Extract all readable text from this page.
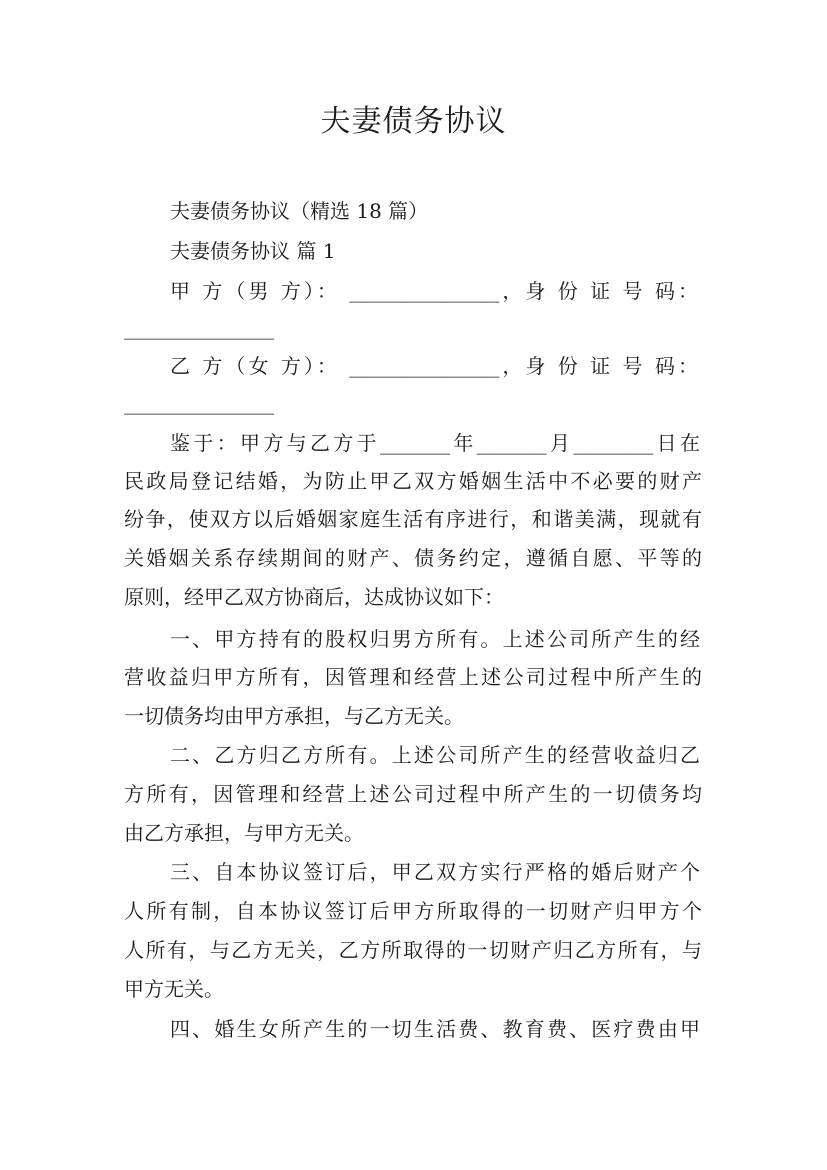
夫妻债务协议
夫妻债务协议（精选 18 篇）
夫妻债务协议 篇 1
甲 方（男 方）： _______________，身 份 证 号 码：
_______________
乙 方（女 方）： _______________，身 份 证 号 码：
_______________
鉴于：甲方与乙方于_______年_______月________日在
民政局登记结婚，为防止甲乙双方婚姻生活中不必要的财产
纷争，使双方以后婚姻家庭生活有序进行，和谐美满，现就有
关婚姻关系存续期间的财产、债务约定，遵循自愿、平等的
原则，经甲乙双方协商后，达成协议如下：
一、甲方持有的股权归男方所有。上述公司所产生的经
营收益归甲方所有，因管理和经营上述公司过程中所产生的
一切债务均由甲方承担，与乙方无关。
二、乙方归乙方所有。上述公司所产生的经营收益归乙
方所有，因管理和经营上述公司过程中所产生的一切债务均
由乙方承担，与甲方无关。
三、自本协议签订后，甲乙双方实行严格的婚后财产个
人所有制，自本协议签订后甲方所取得的一切财产归甲方个
人所有，与乙方无关，乙方所取得的一切财产归乙方所有，与
甲方无关。
四、婚生女所产生的一切生活费、教育费、医疗费由甲
